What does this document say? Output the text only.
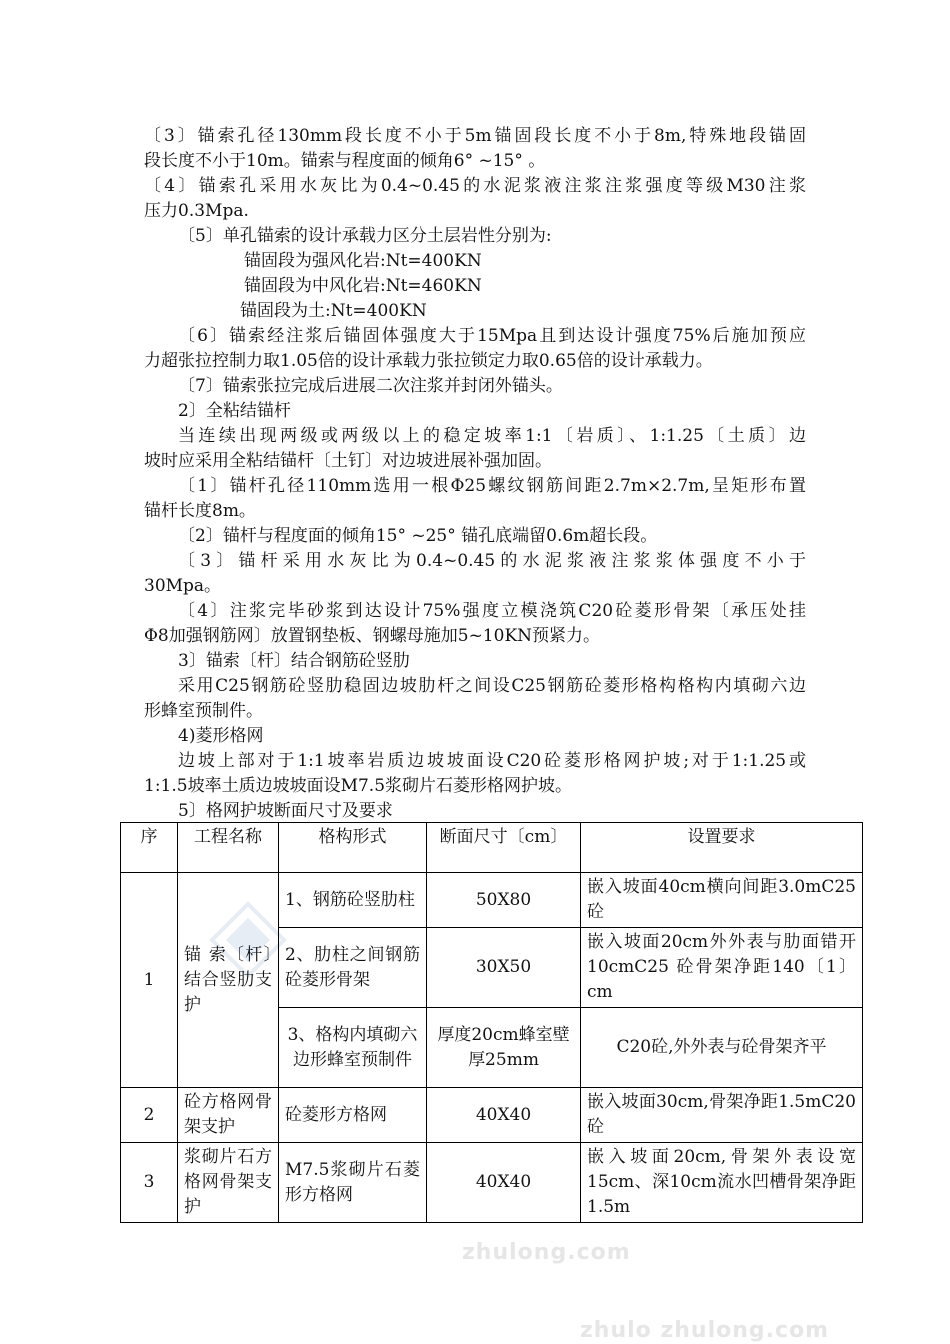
〔3〕锚索孔径130mm段长度不小于5m锚固段长度不小于8m,特殊地段锚固
段长度不小于10m。锚索与程度面的倾角6° ~15° 。
〔4〕锚索孔采用水灰比为0.4~0.45的水泥浆液注浆注浆强度等级M30注浆
压力0.3Mpa.
〔5〕单孔锚索的设计承载力区分土层岩性分别为:
锚固段为强风化岩:Nt=400KN
锚固段为中风化岩:Nt=460KN
锚固段为土:Nt=400KN
〔6〕锚索经注浆后锚固体强度大于15Mpa且到达设计强度75%后施加预应
力超张拉控制力取1.05倍的设计承载力张拉锁定力取0.65倍的设计承载力。
〔7〕锚索张拉完成后进展二次注浆并封闭外锚头。
2〕全粘结锚杆
当连续出现两级或两级以上的稳定坡率1:1〔岩质〕、1:1.25〔土质〕边
坡时应采用全粘结锚杆〔土钉〕对边坡进展补强加固。
〔1〕锚杆孔径110mm选用一根Φ25螺纹钢筋间距2.7m×2.7m,呈矩形布置
锚杆长度8m。
〔2〕锚杆与程度面的倾角15° ~25° 锚孔底端留0.6m超长段。
〔3〕锚杆采用水灰比为0.4~0.45的水泥浆液注浆浆体强度不小于
30Mpa。
〔4〕注浆完毕砂浆到达设计75%强度立模浇筑C20砼菱形骨架〔承压处挂
Φ8加强钢筋网〕放置钢垫板、钢螺母施加5~10KN预紧力。
3〕锚索〔杆〕结合钢筋砼竖肋
采用C25钢筋砼竖肋稳固边坡肋杆之间设C25钢筋砼菱形格构格构内填砌六边
形蜂室预制件。
4)菱形格网
边坡上部对于1:1坡率岩质边坡坡面设C20砼菱形格网护坡;对于1:1.25或
1:1.5坡率土质边坡坡面设M7.5浆砌片石菱形格网护坡。
5〕格网护坡断面尺寸及要求
序	工程名称	格构形式	断面尺寸〔cm〕	设置要求
1	锚 索〔杆〕结合竖肋支护	1、钢筋砼竖肋柱	50X80	嵌入坡面40cm横向间距3.0mC25砼
		2、肋柱之间钢筋砼菱形骨架	30X50	嵌入坡面20cm外外表与肋面错开 10cmC25 砼骨架净距140〔1〕cm
		3、格构内填砌六边形蜂室预制件	厚度20cm蜂室壁厚25mm	C20砼,外外表与砼骨架齐平
2	砼方格网骨架支护	砼菱形方格网	40X40	嵌入坡面30cm,骨架净距1.5mC20砼
3	浆砌片石方格网骨架支护	M7.5浆砌片石菱形方格网	40X40	嵌入坡面20cm,骨架外表设宽15cm、深10cm流水凹槽骨架净距1.5m
zhulong.com
zhulo zhulong.com
